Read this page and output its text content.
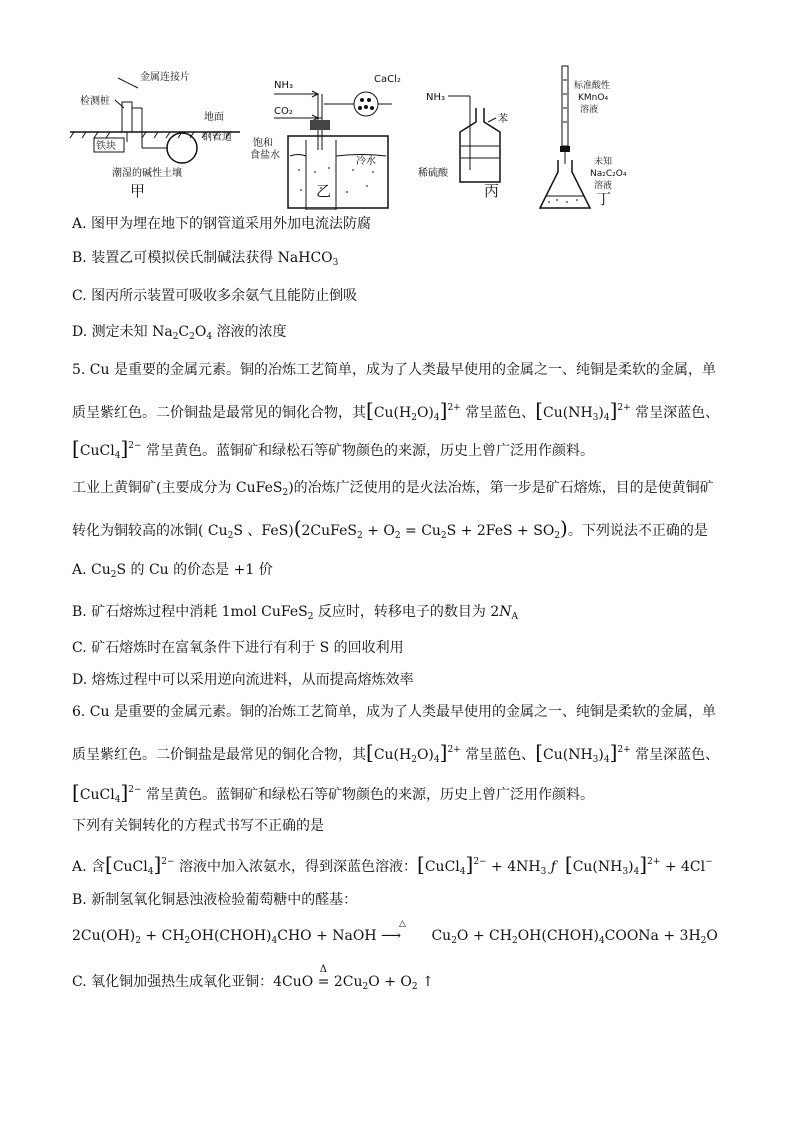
检测桩
金属连接片
地面
铁块
钢管道
潮湿的碱性土壤
甲
NH₃
CO₂
CaCl₂
饱和
食盐水
冷水
乙
NH₃
苯
稀硫酸
丙
标准酸性
KMnO₄
溶液
未知
Na₂C₂O₄
溶液
丁
A. 图甲为埋在地下的钢管道采用外加电流法防腐
B. 装置乙可模拟侯氏制碱法获得 NaHCO$_3$
C. 图丙所示装置可吸收多余氨气且能防止倒吸
D. 测定未知 $Na_2C_2O_4$ 溶液的浓度
5. Cu 是重要的金属元素。铜的冶炼工艺简单，成为了人类最早使用的金属之一、纯铜是柔软的金属，单
质呈紫红色。二价铜盐是最常见的铜化合物，其$[Cu(H_2O)_4]^{2+}$ 常呈蓝色、$[Cu(NH_3)_4]^{2+}$ 常呈深蓝色、
[CuCl$_4$]$^{2-}$ 常呈黄色。蓝铜矿和绿松石等矿物颜色的来源，历史上曾广泛用作颜料。
工业上黄铜矿(主要成分为 CuFeS$_2$)的冶炼广泛使用的是火法冶炼，第一步是矿石熔炼，目的是使黄铜矿
转化为铜较高的冰铜( $Cu_2S$ 、FeS)(2CuFeS$_2$ + $O_2 = Cu_2S + 2FeS + SO_2$)。下列说法不正确的是
A. $Cu_2S$ 的 Cu 的价态是 +1 价
B. 矿石熔炼过程中消耗 1mol CuFeS$_2$ 反应时，转移电子的数目为 $2N_A$
C. 矿石熔炼时在富氧条件下进行有利于 S 的回收利用
D. 熔炼过程中可以采用逆向流进料，从而提高熔炼效率
6. Cu 是重要的金属元素。铜的冶炼工艺简单，成为了人类最早使用的金属之一、纯铜是柔软的金属，单
质呈紫红色。二价铜盐是最常见的铜化合物，其$[Cu(H_2O)_4]^{2+}$ 常呈蓝色、$[Cu(NH_3)_4]^{2+}$ 常呈深蓝色、
[CuCl$_4$]$^{2-}$ 常呈黄色。蓝铜矿和绿松石等矿物颜色的来源，历史上曾广泛用作颜料。
下列有关铜转化的方程式书写不正确的是
A. 含[CuCl$_4$]$^{2-}$ 溶液中加入浓氨水，得到深蓝色溶液：[CuCl$_4$]$^{2-}$ + $4NH_3$ ƒ $[Cu(NH_3)_4]^{2+} + 4Cl^-$
B. 新制氢氧化铜悬浊液检验葡萄糖中的醛基：
$2Cu(OH)_2$ + $CH_2OH(CHOH)_4CHO$ + NaOH
△
⟶ $Cu_2O$ + $CH_2OH(CHOH)_4COONa + 3H_2O$
C. 氧化铜加强热生成氧化亚铜：4CuO
Δ
= $2Cu_2O + O_2$ ↑
